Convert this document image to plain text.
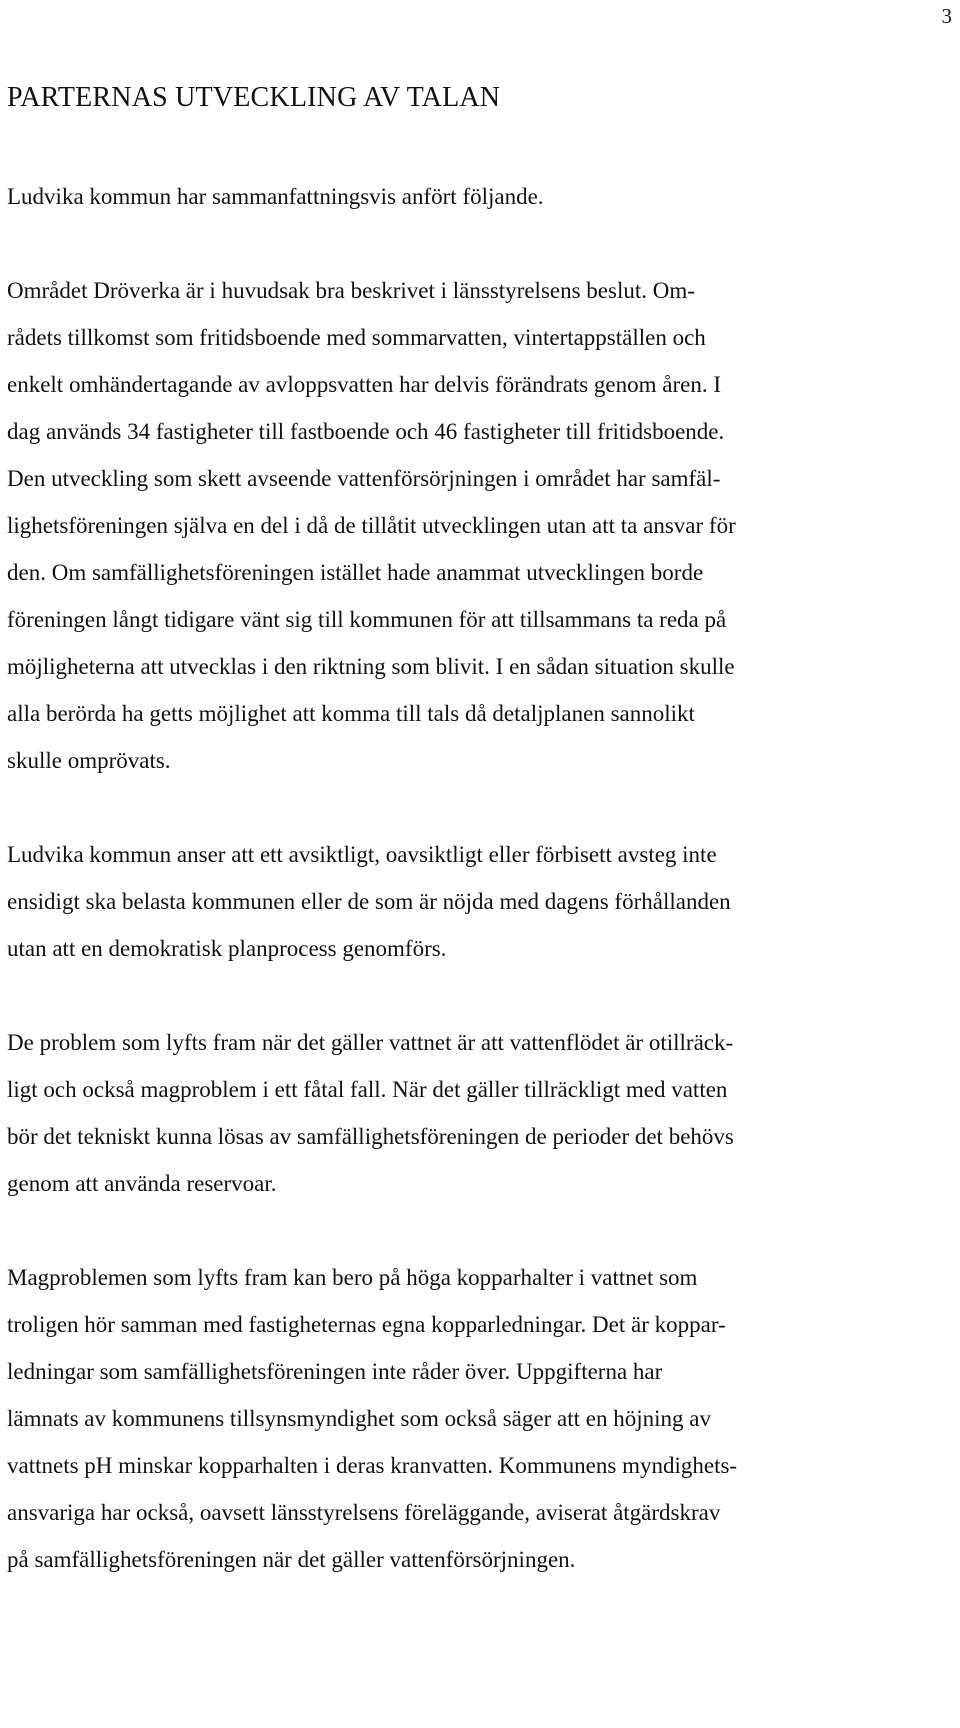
3
PARTERNAS UTVECKLING AV TALAN

Ludvika kommun har sammanfattningsvis anfört följande.

Området Dröverka är i huvudsak bra beskrivet i länsstyrelsens beslut. Om-
rådets tillkomst som fritidsboende med sommarvatten, vintertappställen och
enkelt omhändertagande av avloppsvatten har delvis förändrats genom åren. I
dag används 34 fastigheter till fastboende och 46 fastigheter till fritidsboende.
Den utveckling som skett avseende vattenförsörjningen i området har samfäl-
lighetsföreningen själva en del i då de tillåtit utvecklingen utan att ta ansvar för
den. Om samfällighetsföreningen istället hade anammat utvecklingen borde
föreningen långt tidigare vänt sig till kommunen för att tillsammans ta reda på
möjligheterna att utvecklas i den riktning som blivit. I en sådan situation skulle
alla berörda ha getts möjlighet att komma till tals då detaljplanen sannolikt
skulle omprövats.

Ludvika kommun anser att ett avsiktligt, oavsiktligt eller förbisett avsteg inte
ensidigt ska belasta kommunen eller de som är nöjda med dagens förhållanden
utan att en demokratisk planprocess genomförs.

De problem som lyfts fram när det gäller vattnet är att vattenflödet är otillräck-
ligt och också magproblem i ett fåtal fall. När det gäller tillräckligt med vatten
bör det tekniskt kunna lösas av samfällighetsföreningen de perioder det behövs
genom att använda reservoar.

Magproblemen som lyfts fram kan bero på höga kopparhalter i vattnet som
troligen hör samman med fastigheternas egna kopparledningar. Det är koppar-
ledningar som samfällighetsföreningen inte råder över. Uppgifterna har
lämnats av kommunens tillsynsmyndighet som också säger att en höjning av
vattnets pH minskar kopparhalten i deras kranvatten. Kommunens myndighets-
ansvariga har också, oavsett länsstyrelsens föreläggande, aviserat åtgärdskrav
på samfällighetsföreningen när det gäller vattenförsörjningen.
